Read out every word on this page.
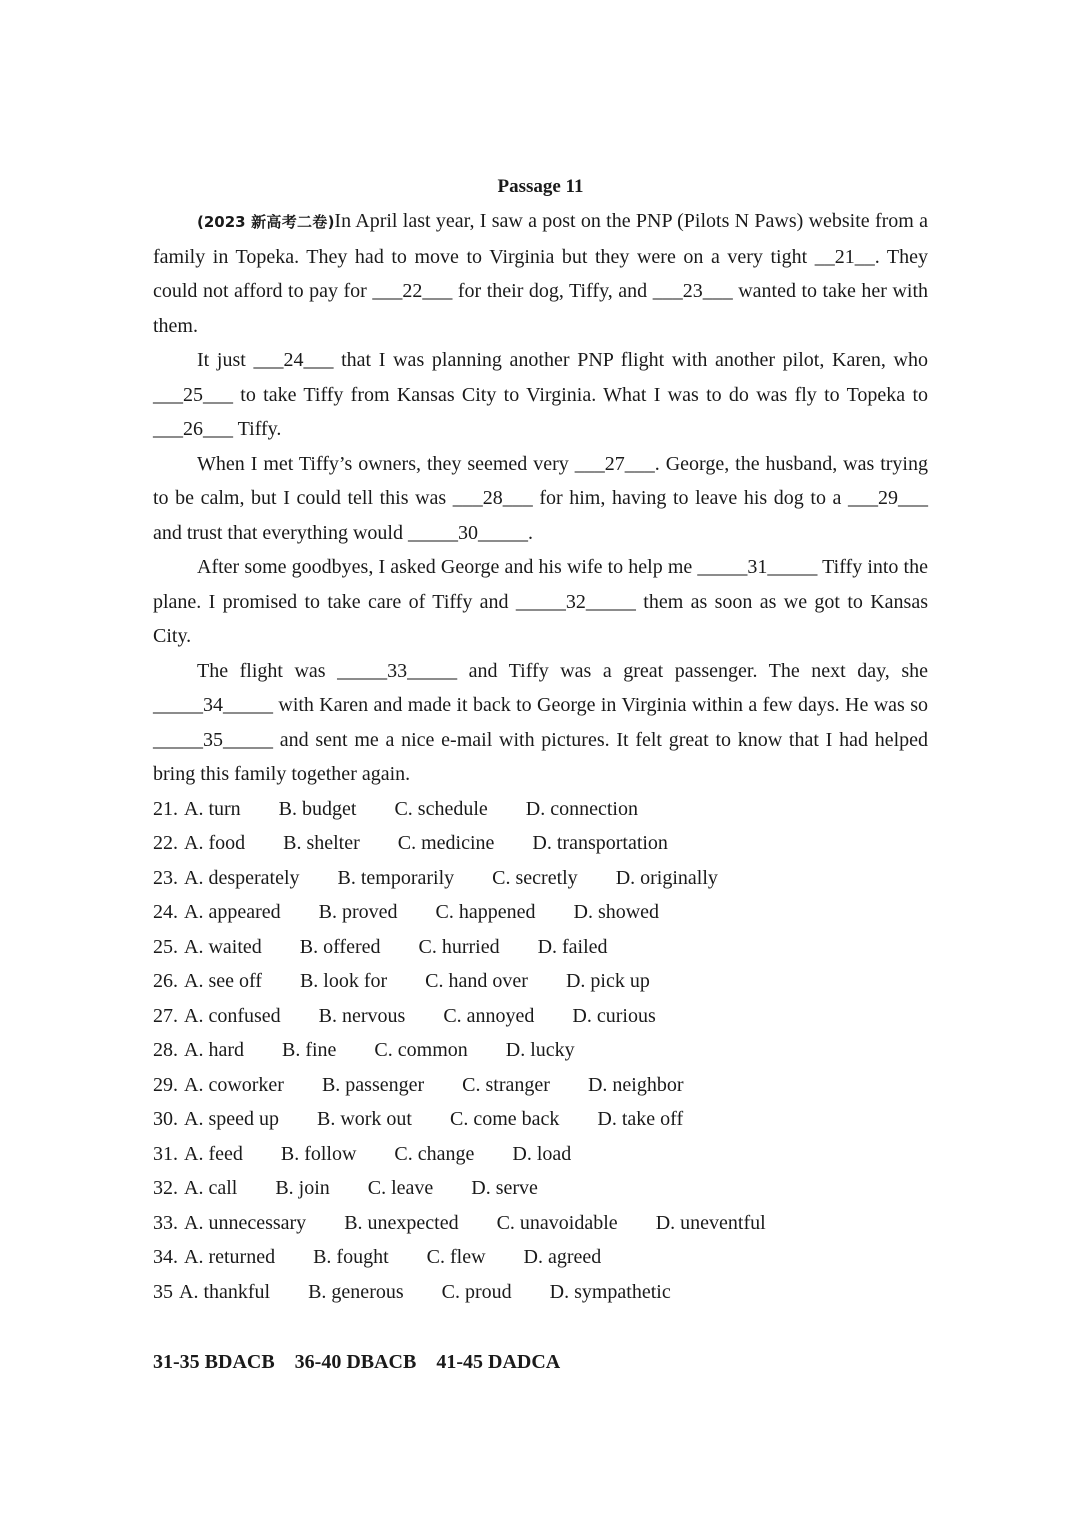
Passage 11

(2023 新高考二卷)In April last year, I saw a post on the PNP (Pilots N Paws) website from a family in Topeka. They had to move to Virginia but they were on a very tight __21__. They could not afford to pay for ___22___ for their dog, Tiffy, and ___23___ wanted to take her with them.

It just ___24___ that I was planning another PNP flight with another pilot, Karen, who ___25___ to take Tiffy from Kansas City to Virginia. What I was to do was fly to Topeka to ___26___ Tiffy.

When I met Tiffy’s owners, they seemed very ___27___. George, the husband, was trying to be calm, but I could tell this was ___28___ for him, having to leave his dog to a ___29___ and trust that everything would _____30_____.

After some goodbyes, I asked George and his wife to help me _____31_____ Tiffy into the plane. I promised to take care of Tiffy and _____32_____ them as soon as we got to Kansas City.

The flight was _____33_____ and Tiffy was a great passenger. The next day, she _____34_____ with Karen and made it back to George in Virginia within a few days. He was so _____35_____ and sent me a nice e-mail with pictures. It felt great to know that I had helped bring this family together again.

21. A. turn B. budget C. schedule D. connection
22. A. food B. shelter C. medicine D. transportation
23. A. desperately B. temporarily C. secretly D. originally
24. A. appeared B. proved C. happened D. showed
25. A. waited B. offered C. hurried D. failed
26. A. see off B. look for C. hand over D. pick up
27. A. confused B. nervous C. annoyed D. curious
28. A. hard B. fine C. common D. lucky
29. A. coworker B. passenger C. stranger D. neighbor
30. A. speed up B. work out C. come back D. take off
31. A. feed B. follow C. change D. load
32. A. call B. join C. leave D. serve
33. A. unnecessary B. unexpected C. unavoidable D. uneventful
34. A. returned B. fought C. flew D. agreed
35 A. thankful B. generous C. proud D. sympathetic
31-35 BDACB    36-40 DBACB    41-45 DADCA
